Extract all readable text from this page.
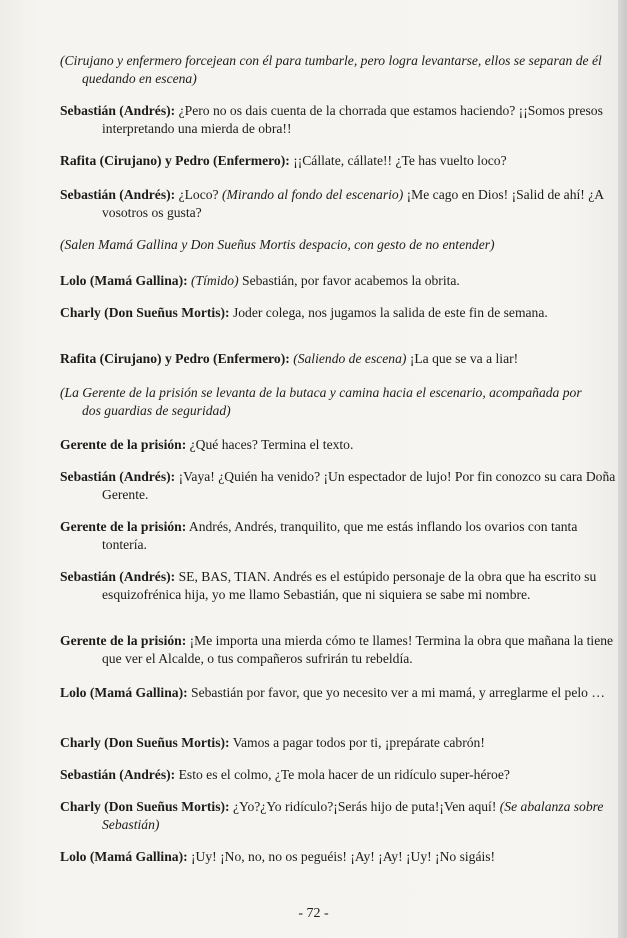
(Cirujano y enfermero forcejean con él para tumbarle, pero logra levantarse, ellos se separan de él quedando en escena)
Sebastián (Andrés): ¿Pero no os dais cuenta de la chorrada que estamos haciendo? ¡¡Somos presos interpretando una mierda de obra!!
Rafita (Cirujano) y Pedro (Enfermero): ¡¡Cállate, cállate!! ¿Te has vuelto loco?
Sebastián (Andrés): ¿Loco? (Mirando al fondo del escenario) ¡Me cago en Dios! ¡Salid de ahí! ¿A vosotros os gusta?
(Salen Mamá Gallina y Don Sueñus Mortis despacio, con gesto de no entender)
Lolo (Mamá Gallina): (Tímido) Sebastián, por favor acabemos la obrita.
Charly (Don Sueñus Mortis): Joder colega, nos jugamos la salida de este fin de semana.
Rafita (Cirujano) y Pedro (Enfermero): (Saliendo de escena) ¡La que se va a liar!
(La Gerente de la prisión se levanta de la butaca y camina hacia el escenario, acompañada por dos guardias de seguridad)
Gerente de la prisión: ¿Qué haces? Termina el texto.
Sebastián (Andrés): ¡Vaya! ¿Quién ha venido? ¡Un espectador de lujo! Por fin conozco su cara Doña Gerente.
Gerente de la prisión: Andrés, Andrés, tranquilito, que me estás inflando los ovarios con tanta tontería.
Sebastián (Andrés): SE, BAS, TIAN. Andrés es el estúpido personaje de la obra que ha escrito su esquizofrénica hija, yo me llamo Sebastián, que ni siquiera se sabe mi nombre.
Gerente de la prisión: ¡Me importa una mierda cómo te llames! Termina la obra que mañana la tiene que ver el Alcalde, o tus compañeros sufrirán tu rebeldía.
Lolo (Mamá Gallina): Sebastián por favor, que yo necesito ver a mi mamá, y arreglarme el pelo …
Charly (Don Sueñus Mortis): Vamos a pagar todos por ti, ¡prepárate cabrón!
Sebastián (Andrés): Esto es el colmo, ¿Te mola hacer de un ridículo super-héroe?
Charly (Don Sueñus Mortis): ¿Yo?¿Yo ridículo?¡Serás hijo de puta!¡Ven aquí! (Se abalanza sobre Sebastián)
Lolo (Mamá Gallina): ¡Uy! ¡No, no, no os peguéis! ¡Ay! ¡Ay! ¡Uy! ¡No sigáis!
- 72 -
